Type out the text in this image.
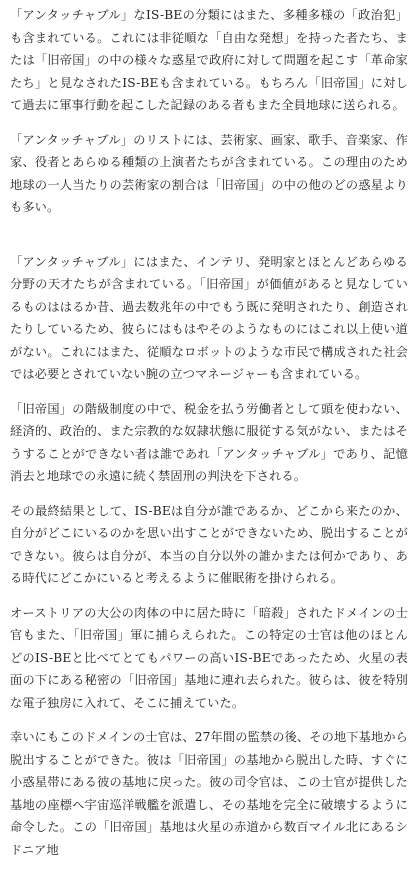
「アンタッチャブル」なIS-BEの分類にはまた、多種多様の「政治犯」も含まれている。これには非従順な「自由な発想」を持った者たち、または「旧帝国」の中の様々な惑星で政府に対して問題を起こす「革命家たち」と見なされたIS-BEも含まれている。もちろん「旧帝国」に対して過去に軍事行動を起こした記録のある者もまた全員地球に送られる。

「アンタッチャブル」のリストには、芸術家、画家、歌手、音楽家、作家、役者とあらゆる種類の上演者たちが含まれている。この理由のため地球の一人当たりの芸術家の割合は「旧帝国」の中の他のどの惑星よりも多い。

「アンタッチャブル」にはまた、インテリ、発明家とほとんどあらゆる分野の天才たちが含まれている。「旧帝国」が価値があると見なしているものははるか昔、過去数兆年の中でもう既に発明されたり、創造されたりしているため、彼らにはもはやそのようなものにはこれ以上使い道がない。これにはまた、従順なロボットのような市民で構成された社会では必要とされていない腕の立つマネージャーも含まれている。

「旧帝国」の階級制度の中で、税金を払う労働者として頭を使わない、経済的、政治的、また宗教的な奴隷状態に服従する気がない、またはそうすることができない者は誰であれ「アンタッチャブル」であり、記憶消去と地球での永遠に続く禁固刑の判決を下される。

その最終結果として、IS-BEは自分が誰であるか、どこから来たのか、自分がどこにいるのかを思い出すことができないため、脱出することができない。彼らは自分が、本当の自分以外の誰かまたは何かであり、ある時代にどこかにいると考えるように催眠術を掛けられる。

オーストリアの大公の肉体の中に居た時に「暗殺」されたドメインの士官もまた、「旧帝国」軍に捕らえられた。この特定の士官は他のほとんどのIS-BEと比べてとてもパワーの高いIS-BEであったため、火星の表面の下にある秘密の「旧帝国」基地に連れ去られた。彼らは、彼を特別な電子独房に入れて、そこに捕えていた。

幸いにもこのドメインの士官は、27年間の監禁の後、その地下基地から脱出することができた。彼は「旧帝国」の基地から脱出した時、すぐに小惑星帯にある彼の基地に戻った。彼の司令官は、この士官が提供した基地の座標へ宇宙巡洋戦艦を派遣し、その基地を完全に破壊するように命令した。この「旧帝国」基地は火星の赤道から数百マイル北にあるシドニア地
